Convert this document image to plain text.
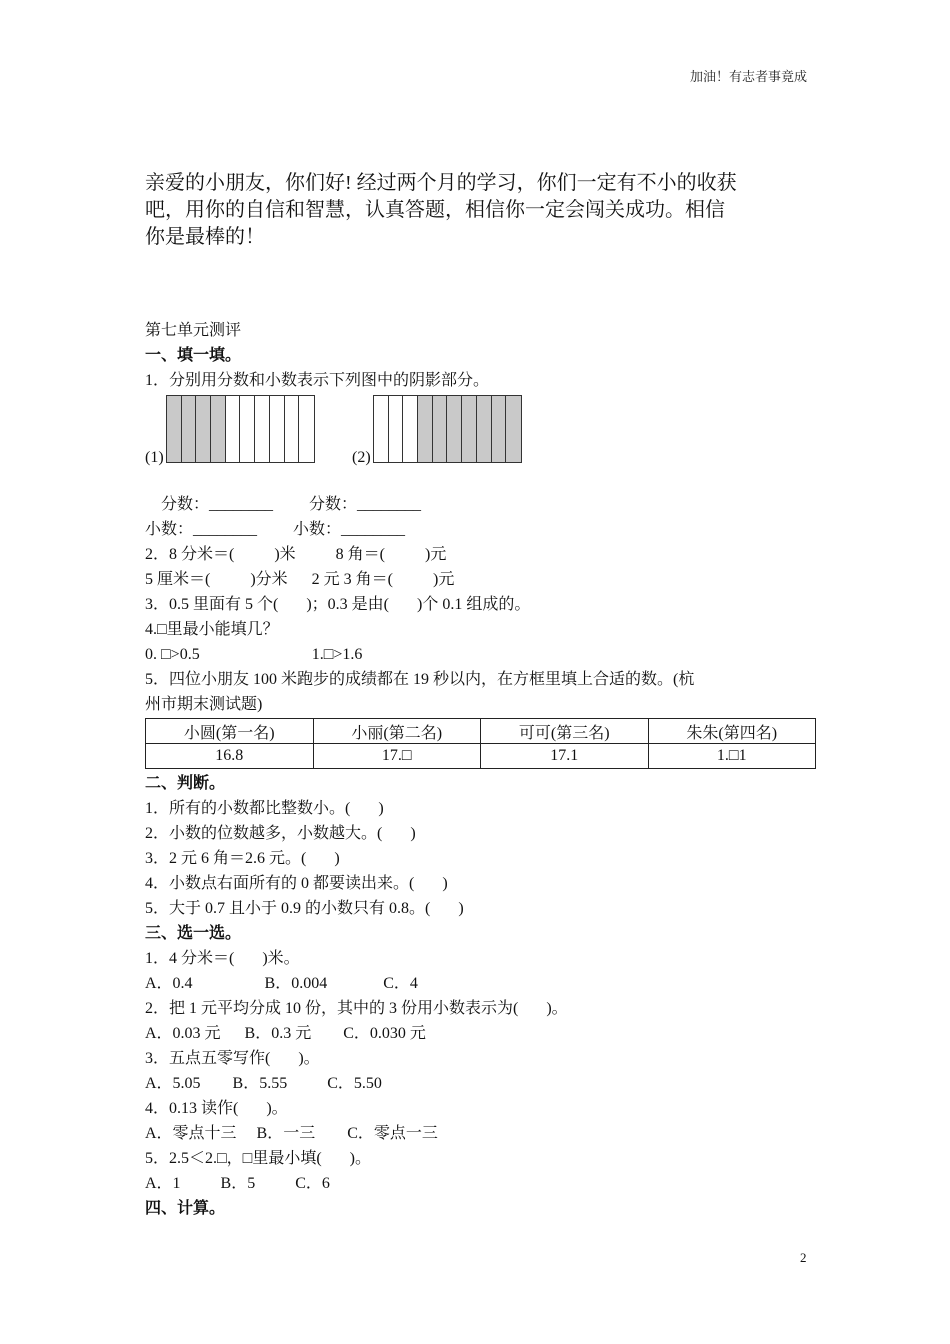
加油！有志者事竟成
亲爱的小朋友，你们好! 经过两个月的学习，你们一定有不小的收获
吧，用你的自信和智慧，认真答题，相信你一定会闯关成功。相信
你是最棒的！
第七单元测评
一、填一填。
1．分别用分数和小数表示下列图中的阴影部分。
(1)	(2)
分数：________         分数：________
小数：________         小数：________
2．8 分米＝(          )米          8 角＝(          )元
5 厘米＝(          )分米      2 元 3 角＝(          )元
3．0.5 里面有 5 个(       )；0.3 是由(       )个 0.1 组成的。
4.□里最小能填几？
0. □>0.5                            1.□>1.6
5．四位小朋友 100 米跑步的成绩都在 19 秒以内，在方框里填上合适的数。(杭
州市期末测试题)
小圆(第一名)	小丽(第二名)	可可(第三名)	朱朱(第四名)
16.8	17.□	17.1	1.□1
二、判断。
1．所有的小数都比整数小。(       )
2．小数的位数越多，小数越大。(       )
3．2 元 6 角＝2.6 元。(       )
4．小数点右面所有的 0 都要读出来。(       )
5．大于 0.7 且小于 0.9 的小数只有 0.8。(       )
三、选一选。
1．4 分米＝(       )米。
A．0.4                  B．0.004              C．4
2．把 1 元平均分成 10 份，其中的 3 份用小数表示为(       )。
A．0.03 元      B．0.3 元        C．0.030 元
3．五点五零写作(       )。
A．5.05        B．5.55          C．5.50
4．0.13 读作(       )。
A．零点十三     B．一三        C．零点一三
5．2.5＜2.□，□里最小填(       )。
A．1          B．5          C．6
四、计算。
2
